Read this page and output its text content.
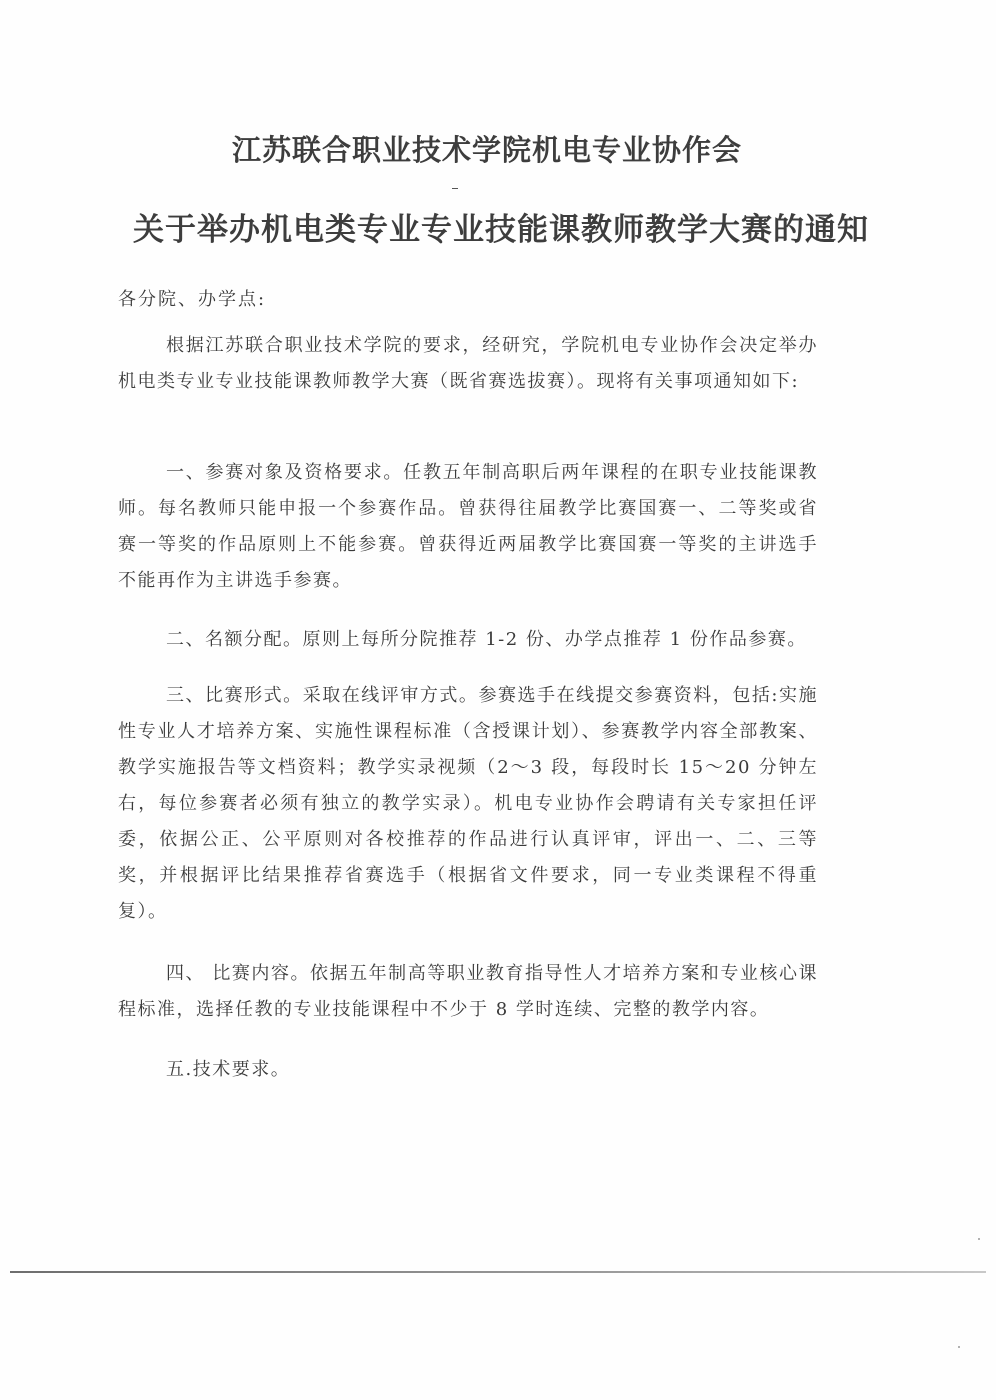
江苏联合职业技术学院机电专业协作会
关于举办机电类专业专业技能课教师教学大赛的通知
各分院、办学点:
根据江苏联合职业技术学院的要求，经研究，学院机电专业协作会决定举办机电类专业专业技能课教师教学大赛（既省赛选拔赛）。现将有关事项通知如下:
一、参赛对象及资格要求。任教五年制高职后两年课程的在职专业技能课教师。每名教师只能申报一个参赛作品。曾获得往届教学比赛国赛一、二等奖或省赛一等奖的作品原则上不能参赛。曾获得近两届教学比赛国赛一等奖的主讲选手不能再作为主讲选手参赛。
二、名额分配。原则上每所分院推荐 1-2 份、办学点推荐 1 份作品参赛。
三、比赛形式。采取在线评审方式。参赛选手在线提交参赛资料，包括:实施性专业人才培养方案、实施性课程标准（含授课计划）、参赛教学内容全部教案、教学实施报告等文档资料；教学实录视频（2～3 段，每段时长 15～20 分钟左右，每位参赛者必须有独立的教学实录）。机电专业协作会聘请有关专家担任评委，依据公正、公平原则对各校推荐的作品进行认真评审，评出一、二、三等奖，并根据评比结果推荐省赛选手（根据省文件要求，同一专业类课程不得重复）。
四、 比赛内容。依据五年制高等职业教育指导性人才培养方案和专业核心课程标准，选择任教的专业技能课程中不少于 8 学时连续、完整的教学内容。
五.技术要求。
